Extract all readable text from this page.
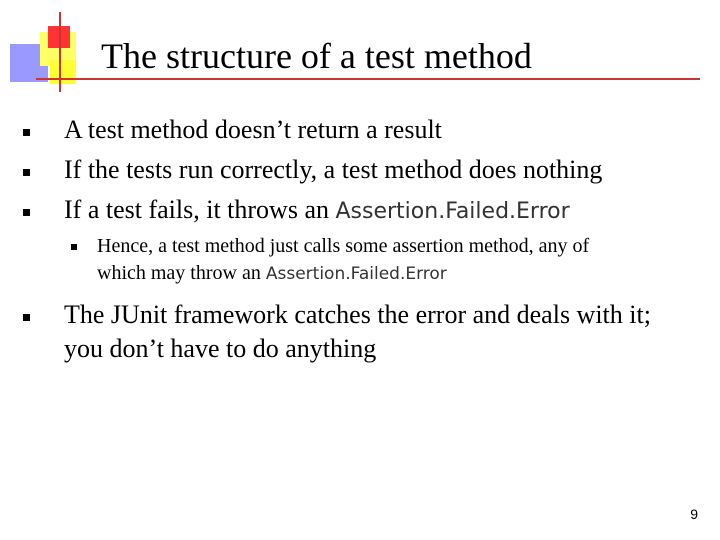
The structure of a test method
A test method doesn’t return a result
If the tests run correctly, a test method does nothing
If a test fails, it throws an Assertion.Failed.Error
Hence, a test method just calls some assertion method, any of
which may throw an Assertion.Failed.Error
The JUnit framework catches the error and deals with it;
you don’t have to do anything
9
